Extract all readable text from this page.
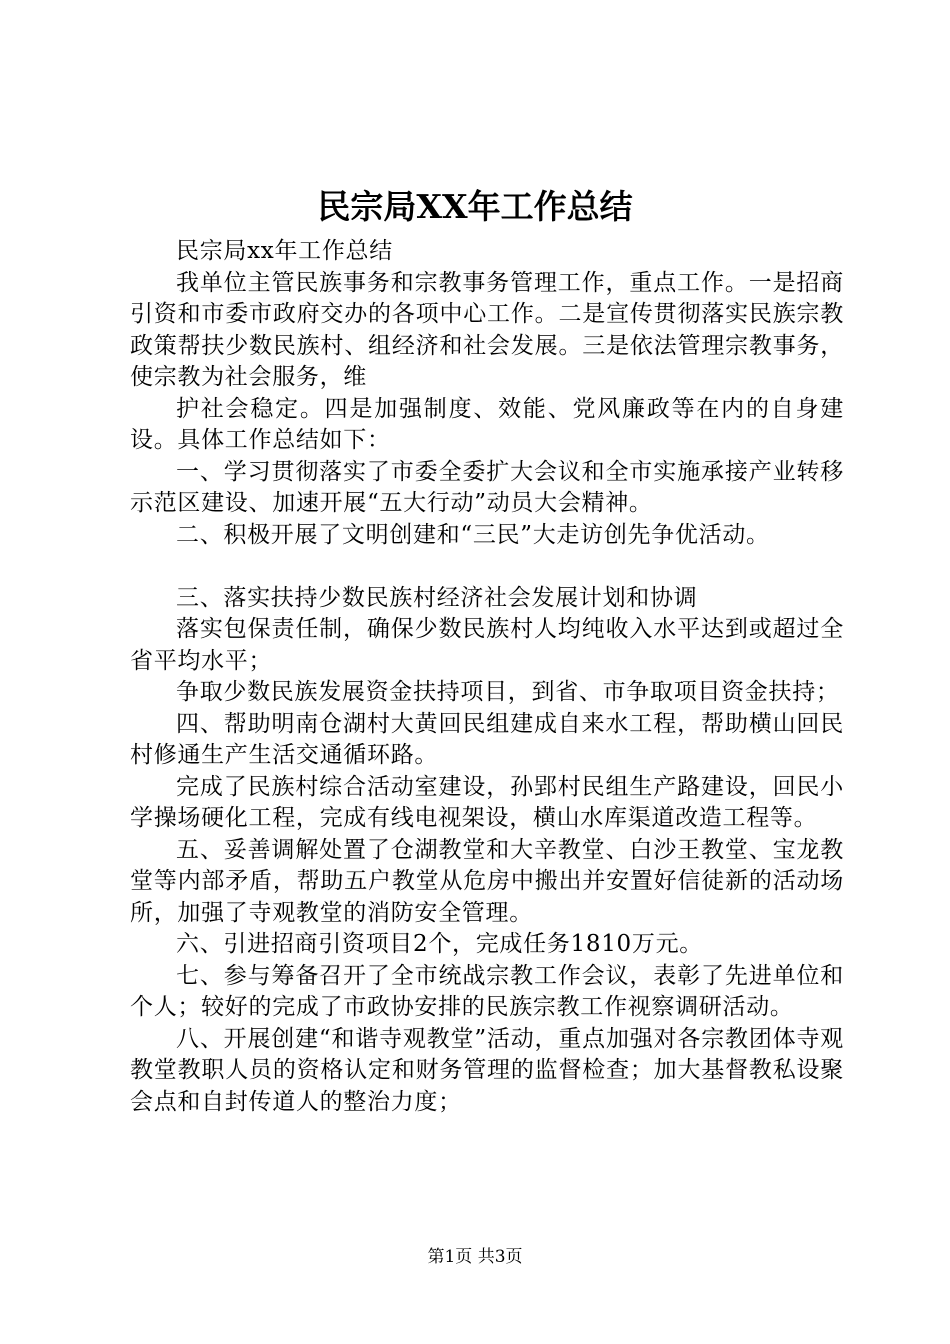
民宗局XX年工作总结

民宗局xx年工作总结

我单位主管民族事务和宗教事务管理工作，重点工作。一是招商引资和市委市政府交办的各项中心工作。二是宣传贯彻落实民族宗教政策帮扶少数民族村、组经济和社会发展。三是依法管理宗教事务，使宗教为社会服务，维

护社会稳定。四是加强制度、效能、党风廉政等在内的自身建设。具体工作总结如下：

一、学习贯彻落实了市委全委扩大会议和全市实施承接产业转移示范区建设、加速开展“五大行动”动员大会精神。

二、积极开展了文明创建和“三民”大走访创先争优活动。

三、落实扶持少数民族村经济社会发展计划和协调

落实包保责任制，确保少数民族村人均纯收入水平达到或超过全省平均水平；

争取少数民族发展资金扶持项目，到省、市争取项目资金扶持；

四、帮助明南仓湖村大黄回民组建成自来水工程，帮助横山回民村修通生产生活交通循环路。

完成了民族村综合活动室建设，孙郢村民组生产路建设，回民小学操场硬化工程，完成有线电视架设，横山水库渠道改造工程等。

五、妥善调解处置了仓湖教堂和大辛教堂、白沙王教堂、宝龙教堂等内部矛盾，帮助五户教堂从危房中搬出并安置好信徒新的活动场所，加强了寺观教堂的消防安全管理。

六、引进招商引资项目2个，完成任务1810万元。

七、参与筹备召开了全市统战宗教工作会议，表彰了先进单位和个人；较好的完成了市政协安排的民族宗教工作视察调研活动。

八、开展创建“和谐寺观教堂”活动，重点加强对各宗教团体寺观教堂教职人员的资格认定和财务管理的监督检查；加大基督教私设聚会点和自封传道人的整治力度；

第1页 共3页
